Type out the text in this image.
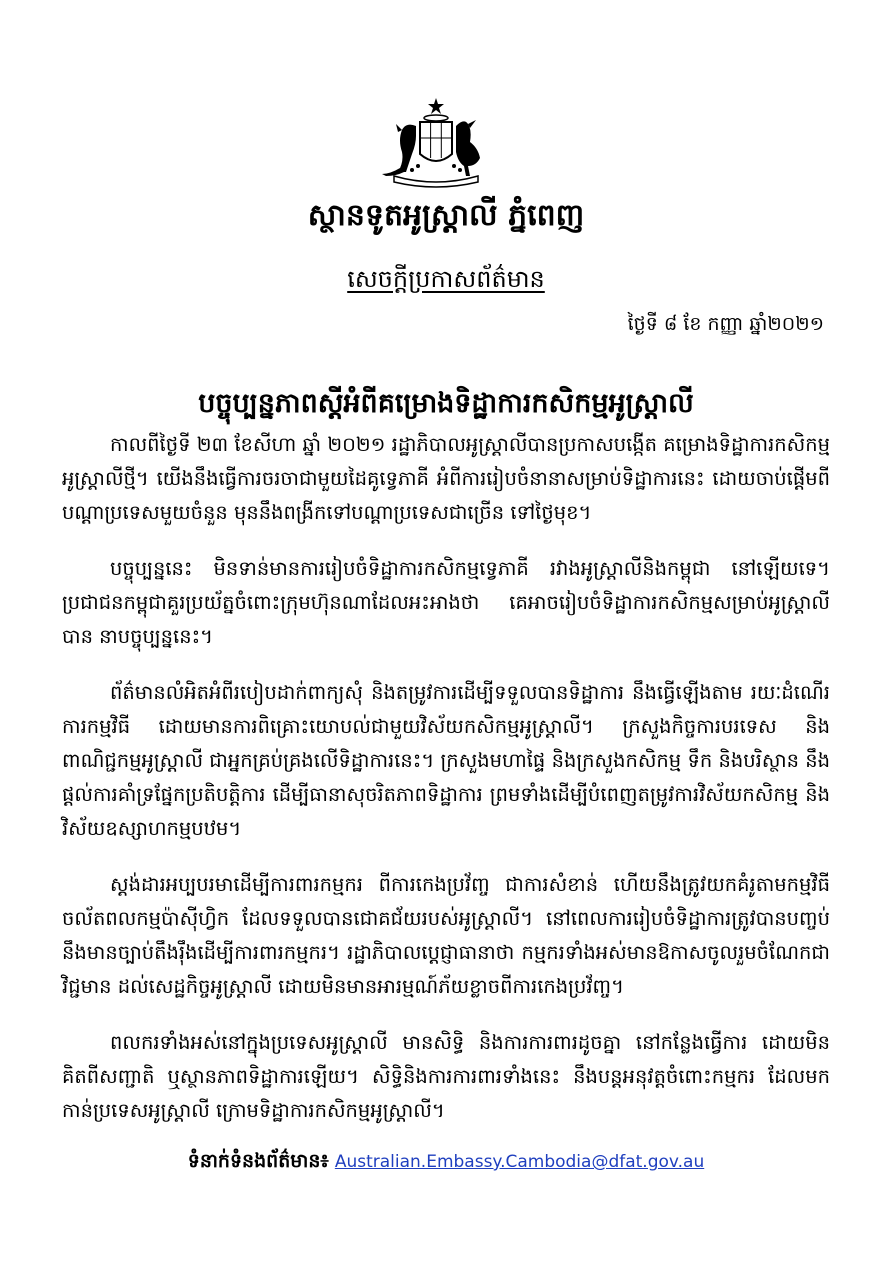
ស្ថានទូតអូស្ត្រាលី ភ្នំពេញ
សេចក្តីប្រកាសព័ត៌មាន
ថ្ងៃទី ៨ ខែ កញ្ញា ឆ្នាំ២០២១
បច្ចុប្បន្នភាពស្តីអំពីគម្រោងទិដ្ឋាការកសិកម្មអូស្ត្រាលី

កាលពីថ្ងៃទី ២៣ ខែសីហា ឆ្នាំ ២០២១ រដ្ឋាភិបាលអូស្ត្រាលីបានប្រកាសបង្កើត គម្រោងទិដ្ឋាការកសិកម្មអូស្ត្រាលីថ្មី។ យើងនឹងធ្វើការចរចាជាមួយដៃគូទ្វេភាគី អំពីការរៀបចំនានាសម្រាប់ទិដ្ឋាការនេះ ដោយចាប់ផ្តើមពីបណ្តាប្រទេសមួយចំនួន មុននឹងពង្រីកទៅបណ្តាប្រទេសជាច្រើន ទៅថ្ងៃមុខ។

បច្ចុប្បន្ននេះ មិនទាន់មានការរៀបចំទិដ្ឋាការកសិកម្មទ្វេភាគី រវាងអូស្ត្រាលីនិងកម្ពុជា នៅឡើយទេ។ ប្រជាជនកម្ពុជាគួរប្រយ័ត្នចំពោះក្រុមហ៊ុនណាដែលអះអាងថា គេអាចរៀបចំទិដ្ឋាការកសិកម្មសម្រាប់អូស្ត្រាលីបាន នាបច្ចុប្បន្ននេះ។

ព័ត៌មានលំអិតអំពីរបៀបដាក់ពាក្យសុំ និងតម្រូវការដើម្បីទទួលបានទិដ្ឋាការ នឹងធ្វើឡើងតាម រយៈដំណើរការកម្មវិធី ដោយមានការពិគ្រោះយោបល់ជាមួយវិស័យកសិកម្មអូស្ត្រាលី។ ក្រសួងកិច្ចការបរទេស និងពាណិជ្ជកម្មអូស្ត្រាលី ជាអ្នកគ្រប់គ្រងលើទិដ្ឋាការនេះ។ ក្រសួងមហាផ្ទៃ និងក្រសួងកសិកម្ម ទឹក និងបរិស្ថាន នឹងផ្តល់ការគាំទ្រផ្នែកប្រតិបត្តិការ ដើម្បីធានាសុចរិតភាពទិដ្ឋាការ ព្រមទាំងដើម្បីបំពេញតម្រូវការវិស័យកសិកម្ម និងវិស័យឧស្សាហកម្មបឋម។

ស្តង់ដារអប្បបរមាដើម្បីការពារកម្មករ ពីការកេងប្រវ័ញ្ច ជាការសំខាន់ ហើយនឹងត្រូវយកគំរូតាមកម្មវិធីចល័តពលកម្មប៉ាស៊ីហ្វិក ដែលទទួលបានជោគជ័យរបស់អូស្ត្រាលី។ នៅពេលការរៀបចំទិដ្ឋាការត្រូវបានបញ្ចប់ នឹងមានច្បាប់តឹងរ៉ឹងដើម្បីការពារកម្មករ។ រដ្ឋាភិបាលប្តេជ្ញាធានាថា កម្មករទាំងអស់មានឱកាសចូលរួមចំណែកជាវិជ្ជមាន ដល់សេដ្ឋកិច្ចអូស្ត្រាលី ដោយមិនមានអារម្មណ៍ភ័យខ្លាចពីការកេងប្រវ័ញ្ច។

ពលករទាំងអស់នៅក្នុងប្រទេសអូស្ត្រាលី មានសិទ្ធិ និងការការពារដូចគ្នា នៅកន្លែងធ្វើការ ដោយមិនគិតពីសញ្ជាតិ ឬស្ថានភាពទិដ្ឋាការឡើយ។ សិទ្ធិនិងការការពារទាំងនេះ នឹងបន្តអនុវត្តចំពោះកម្មករ ដែលមកកាន់ប្រទេសអូស្ត្រាលី ក្រោមទិដ្ឋាការកសិកម្មអូស្ត្រាលី។

ទំនាក់ទំនងព័ត៌មាន៖ Australian.Embassy.Cambodia@dfat.gov.au
